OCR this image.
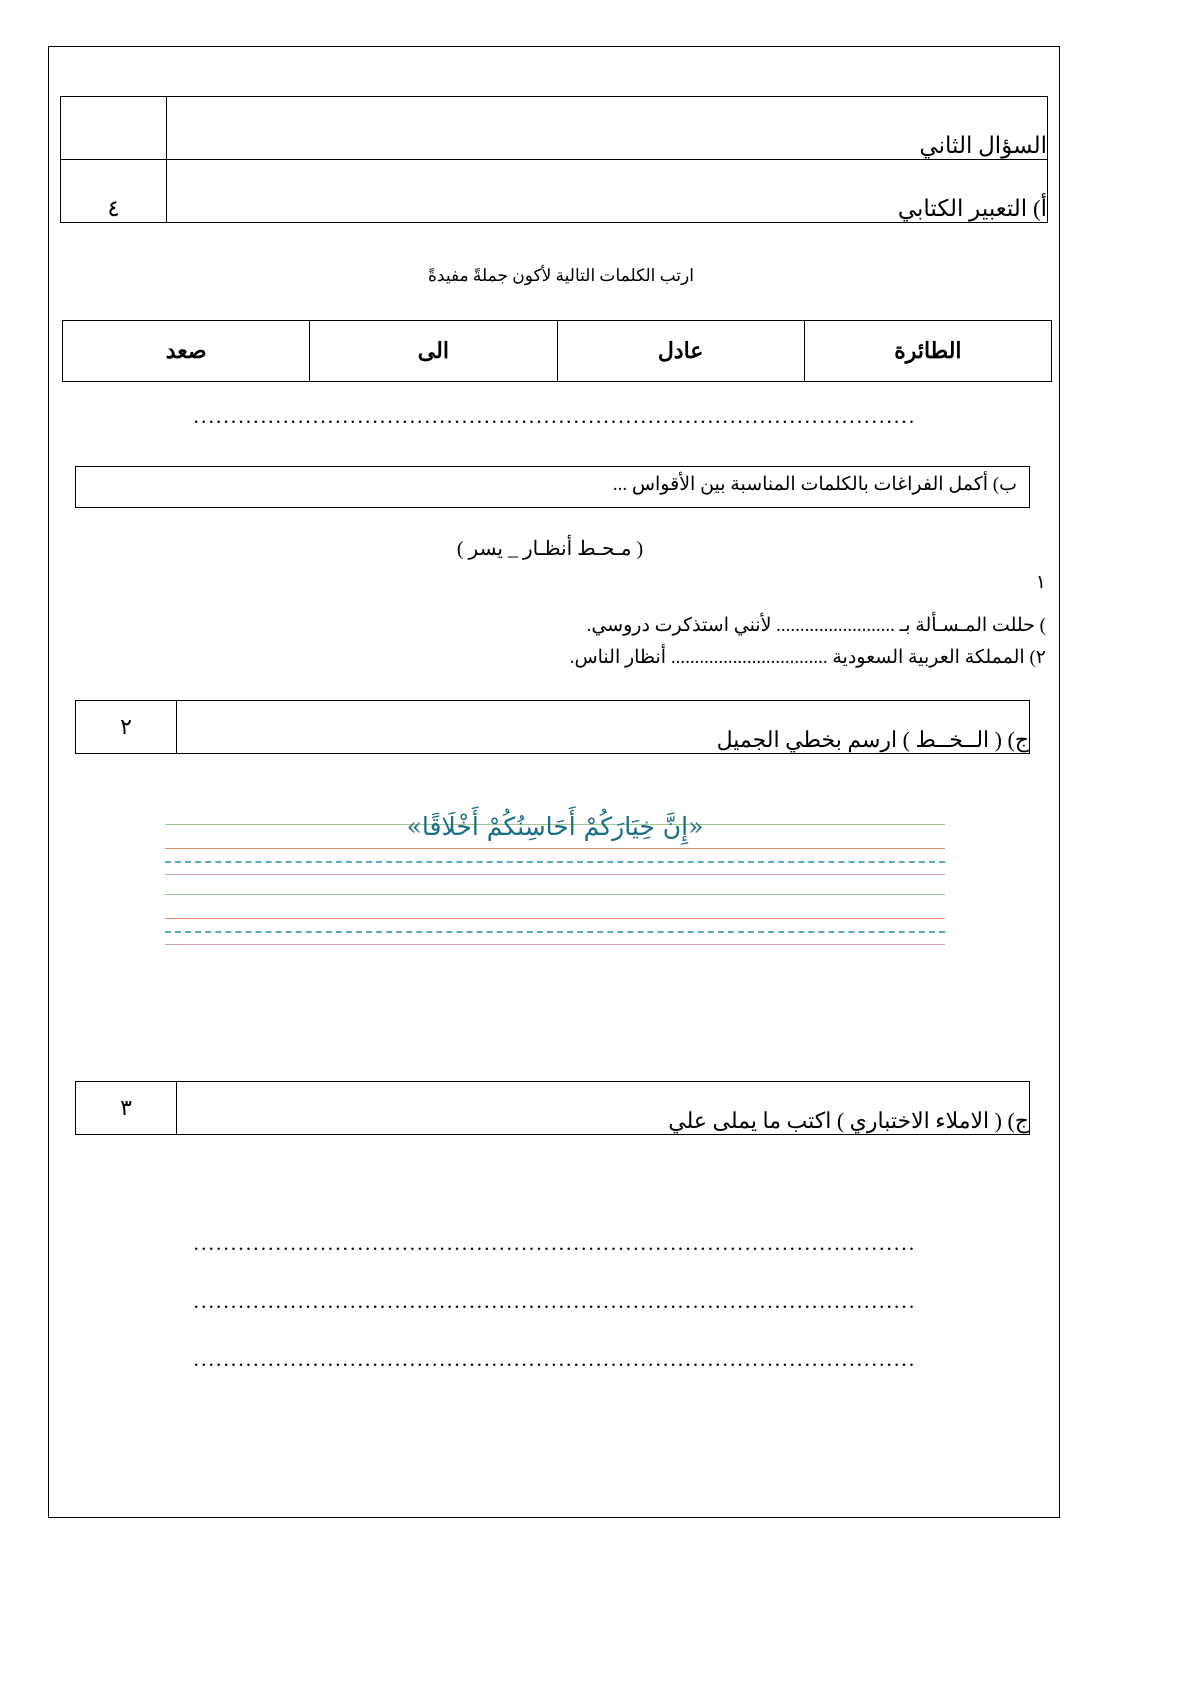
السؤال الثاني	
أ) التعبير الكتابي	٤
ارتب الكلمات التالية لأكون جملةً مفيدةً
الطائرة	عادل	الى	صعد
.................................................................................................
ب) أكمل الفراغات بالكلمات المناسبة بين الأقواس ...
( مـحـط أنظـار _ يسر )
١
) حللت المـسـألة بـ ......................... لأنني استذكرت دروسي.
٢) المملكة العربية السعودية ................................. أنظار الناس.
ج) ( الــخــط ) ارسم بخطي الجميل	٢
«إِنَّ خِيَارَكُمْ أَحَاسِنُكُمْ أَخْلَاقًا»
ج) ( الاملاء الاختباري ) اكتب ما يملى علي	٣
.................................................................................................
.................................................................................................
.................................................................................................
